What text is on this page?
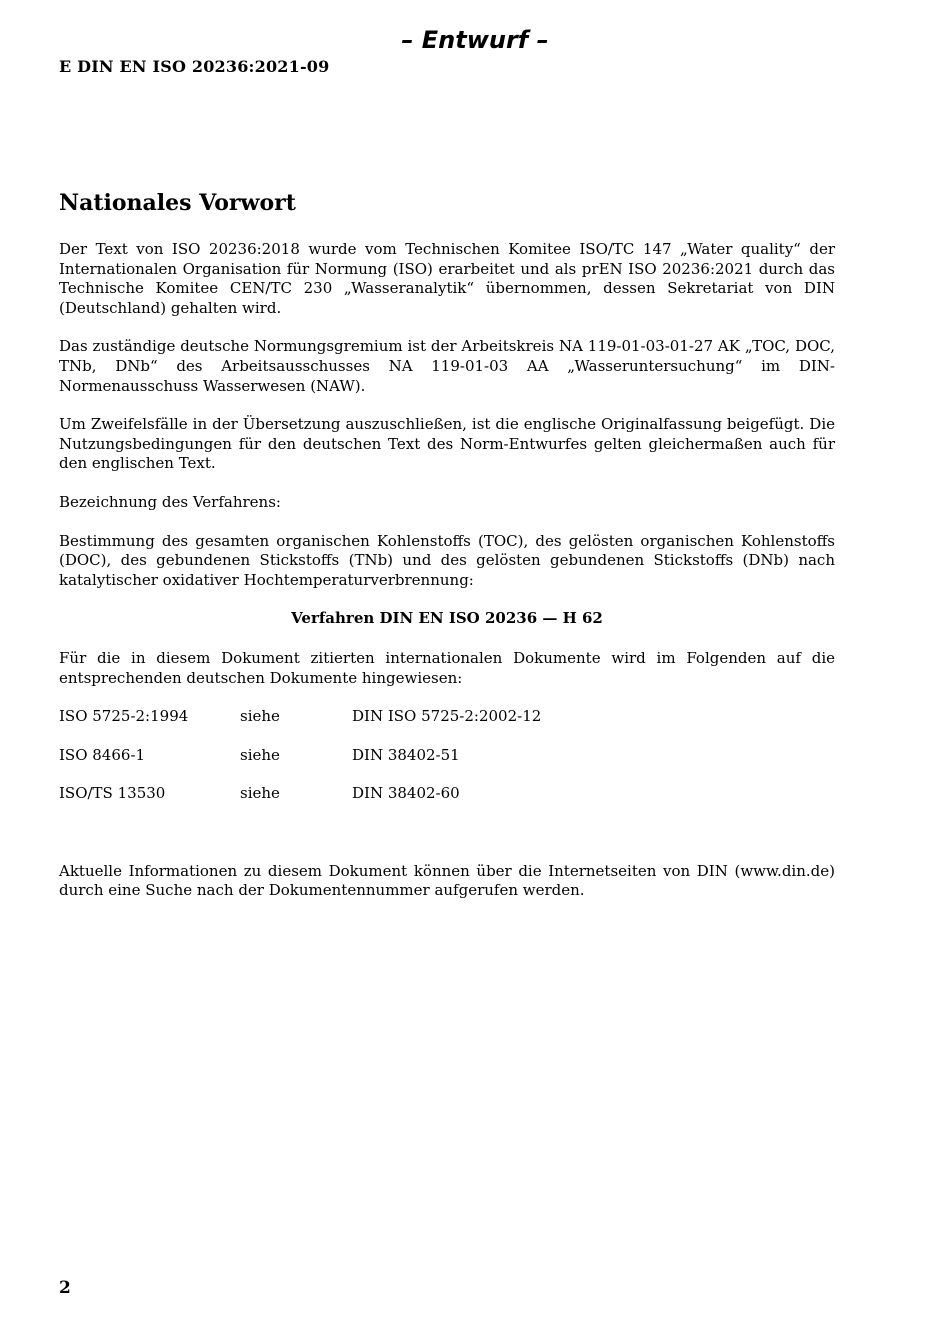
– Entwurf –
E DIN EN ISO 20236:2021-09
Nationales Vorwort

Der Text von ISO 20236:2018 wurde vom Technischen Komitee ISO/TC 147 „Water quality“ der Internationalen Organisation für Normung (ISO) erarbeitet und als prEN ISO 20236:2021 durch das Technische Komitee CEN/TC 230 „Wasseranalytik“ übernommen, dessen Sekretariat von DIN (Deutschland) gehalten wird.

Das zuständige deutsche Normungsgremium ist der Arbeitskreis NA 119-01-03-01-27 AK „TOC, DOC, TNb, DNb“ des Arbeitsausschusses NA 119-01-03 AA „Wasseruntersuchung“ im DIN-Normenausschuss Wasserwesen (NAW).

Um Zweifelsfälle in der Übersetzung auszuschließen, ist die englische Originalfassung beigefügt. Die Nutzungsbedingungen für den deutschen Text des Norm-Entwurfes gelten gleichermaßen auch für den englischen Text.

Bezeichnung des Verfahrens:

Bestimmung des gesamten organischen Kohlenstoffs (TOC), des gelösten organischen Kohlenstoffs (DOC), des gebundenen Stickstoffs (TNb) und des gelösten gebundenen Stickstoffs (DNb) nach katalytischer oxidativer Hochtemperaturverbrennung:

Verfahren DIN EN ISO 20236 — H 62

Für die in diesem Dokument zitierten internationalen Dokumente wird im Folgenden auf die entsprechenden deutschen Dokumente hingewiesen:

ISO 5725-2:1994	siehe	DIN ISO 5725-2:2002-12
ISO 8466-1	siehe	DIN 38402-51
ISO/TS 13530	siehe	DIN 38402-60

Aktuelle Informationen zu diesem Dokument können über die Internetseiten von DIN (www.din.de) durch eine Suche nach der Dokumentennummer aufgerufen werden.

2
